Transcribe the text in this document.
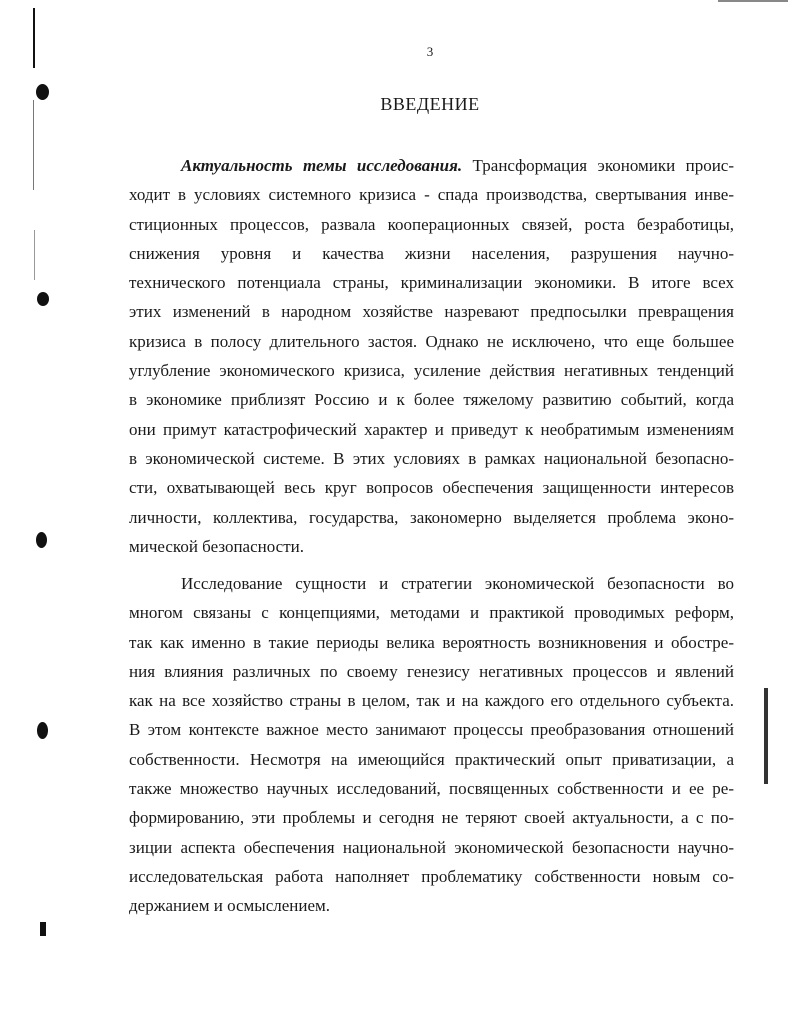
3
ВВЕДЕНИЕ
Актуальность темы исследования. Трансформация экономики проис-
ходит в условиях системного кризиса - спада производства, свертывания инве-
стиционных процессов, развала кооперационных связей, роста безработицы,
снижения уровня и качества жизни населения, разрушения научно-
технического потенциала страны, криминализации экономики. В итоге всех
этих изменений в народном хозяйстве назревают предпосылки превращения
кризиса в полосу длительного застоя. Однако не исключено, что еще большее
углубление экономического кризиса, усиление действия негативных тенденций
в экономике приблизят Россию и к более тяжелому развитию событий, когда
они примут катастрофический характер и приведут к необратимым изменениям
в экономической системе. В этих условиях в рамках национальной безопасно-
сти, охватывающей весь круг вопросов обеспечения защищенности интересов
личности, коллектива, государства, закономерно выделяется проблема эконо-
мической безопасности.
Исследование сущности и стратегии экономической безопасности во
многом связаны с концепциями, методами и практикой проводимых реформ,
так как именно в такие периоды велика вероятность возникновения и обостре-
ния влияния различных по своему генезису негативных процессов и явлений
как на все хозяйство страны в целом, так и на каждого его отдельного субъекта.
В этом контексте важное место занимают процессы преобразования отношений
собственности. Несмотря на имеющийся практический опыт приватизации, а
также множество научных исследований, посвященных собственности и ее ре-
формированию, эти проблемы и сегодня не теряют своей актуальности, а с по-
зиции аспекта обеспечения национальной экономической безопасности научно-
исследовательская работа наполняет проблематику собственности новым со-
держанием и осмыслением.
